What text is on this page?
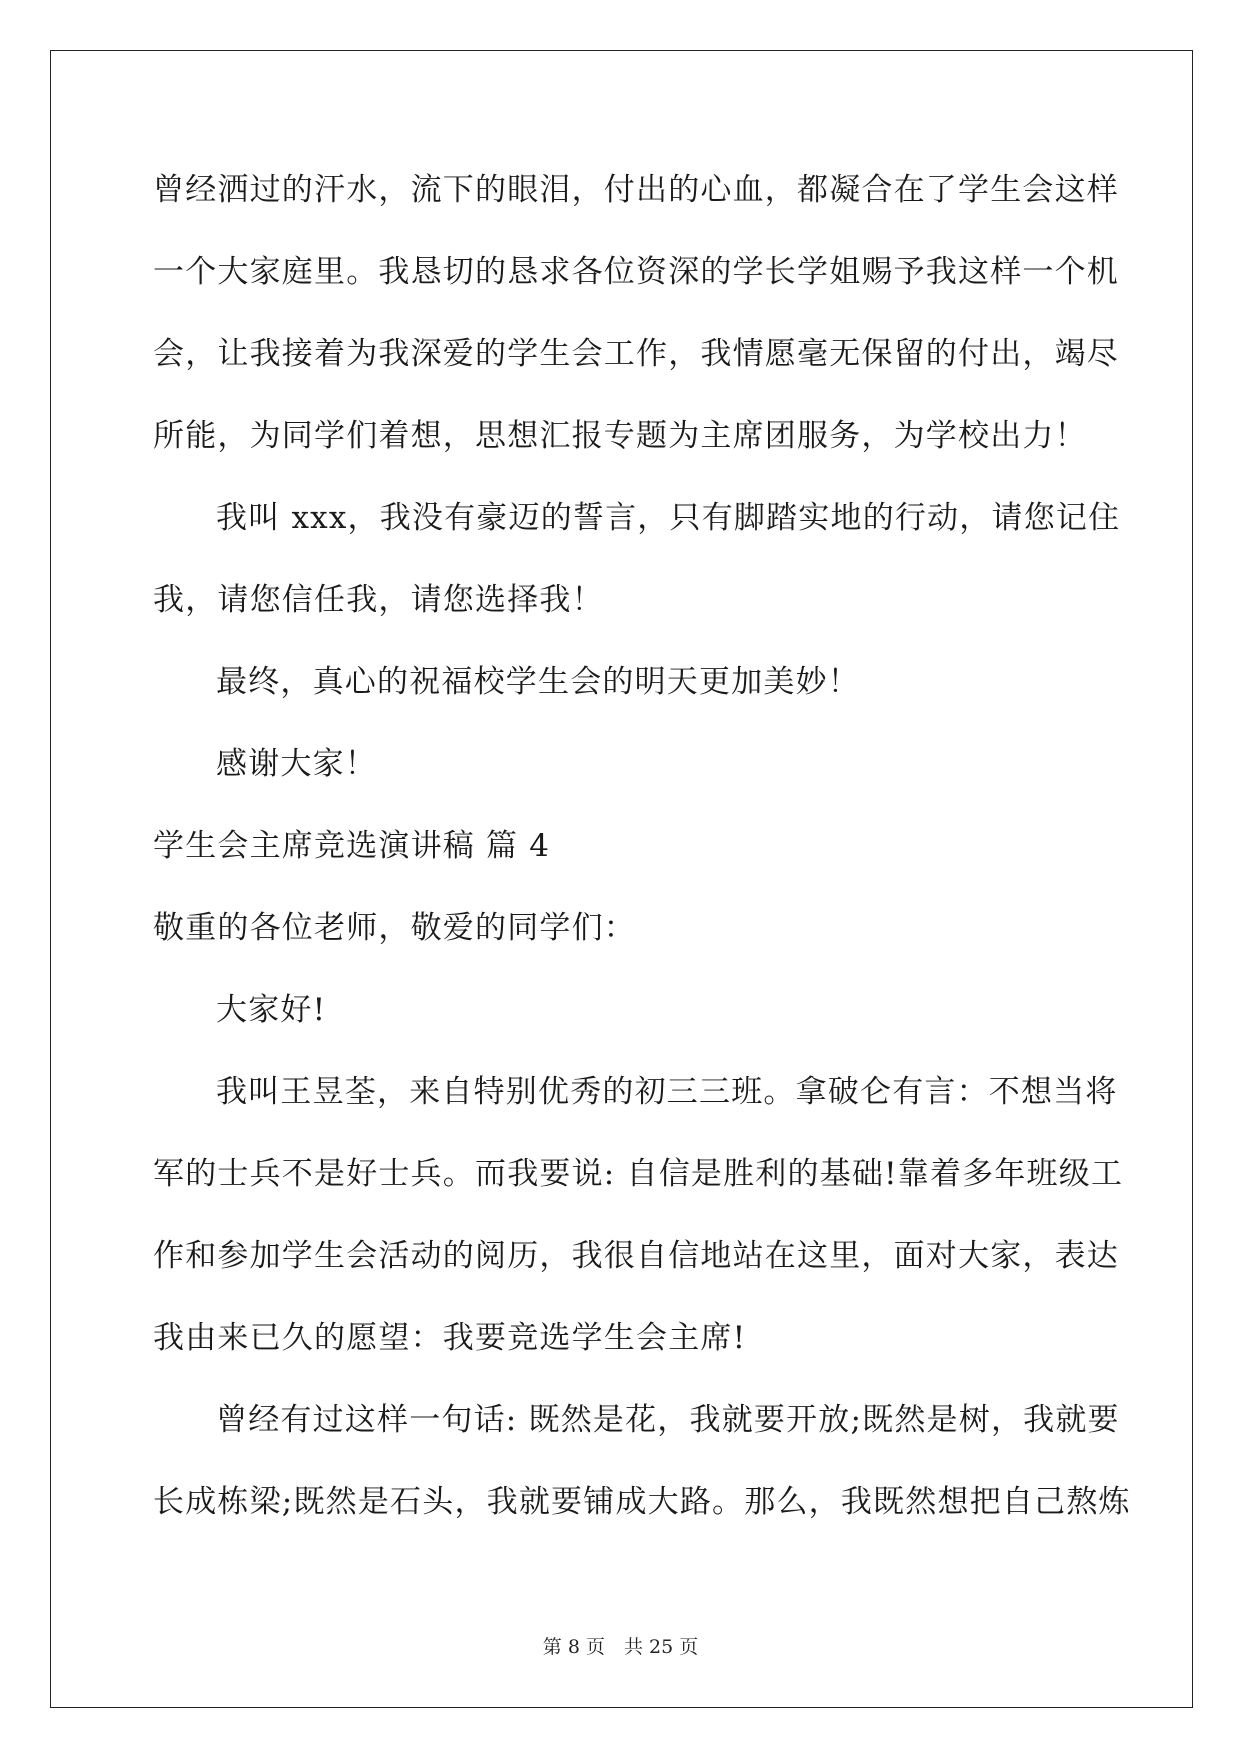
曾经洒过的汗水，流下的眼泪，付出的心血，都凝合在了学生会这样
一个大家庭里。我恳切的恳求各位资深的学长学姐赐予我这样一个机
会，让我接着为我深爱的学生会工作，我情愿毫无保留的付出，竭尽
所能，为同学们着想，思想汇报专题为主席团服务，为学校出力！
我叫 xxx，我没有豪迈的誓言，只有脚踏实地的行动，请您记住
我，请您信任我，请您选择我！
最终，真心的祝福校学生会的明天更加美妙！
感谢大家！
学生会主席竞选演讲稿 篇 4
敬重的各位老师，敬爱的同学们：
大家好!
我叫王昱荃，来自特别优秀的初三三班。拿破仑有言：不想当将
军的士兵不是好士兵。而我要说: 自信是胜利的基础!靠着多年班级工
作和参加学生会活动的阅历，我很自信地站在这里，面对大家，表达
我由来已久的愿望：我要竞选学生会主席!
曾经有过这样一句话: 既然是花，我就要开放;既然是树，我就要
长成栋梁;既然是石头，我就要铺成大路。那么，我既然想把自己熬炼
第 8 页　共 25 页
